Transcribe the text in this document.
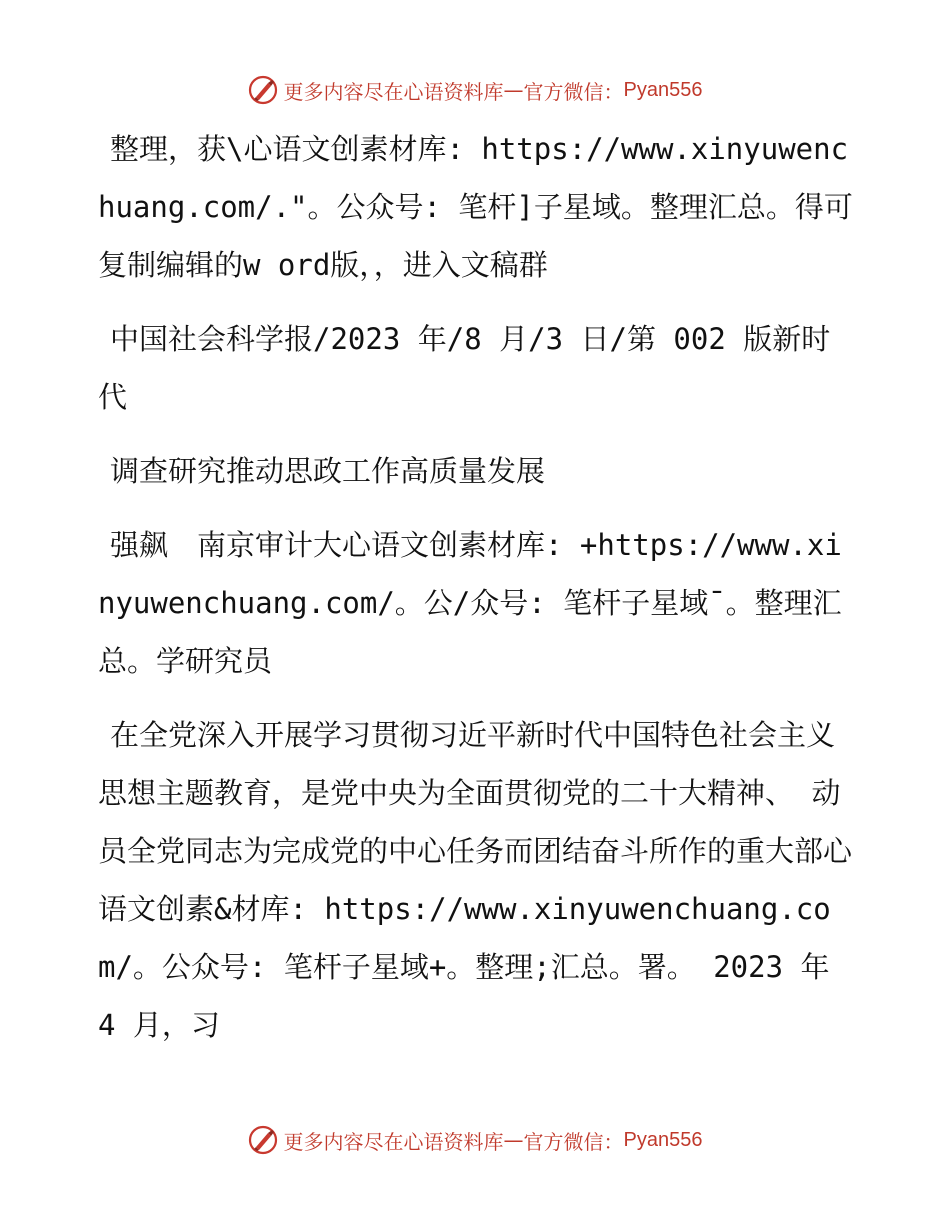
更多内容尽在心语资料库 — 官方微信： Pyan556

整理，获\心语文创素材库: https://www.xinyuwenchuang.com/."。公众号: 笔杆]子星域。整理汇总。得可复制编辑的w ord版，，进入文稿群

中国社会科学报/2023 年/8 月/3 日/第 002 版新时代

调查研究推动思政工作高质量发展

强飙　南京审计大心语文创素材库: +https://www.xinyuwenchuang.com/。公/众号: 笔杆子星域¯。整理汇总。学研究员

在全党深入开展学习贯彻习近平新时代中国特色社会主义思想主题教育，是党中央为全面贯彻党的二十大精神、 动员全党同志为完成党的中心任务而团结奋斗所作的重大部心语文创素&材库: https://www.xinyuwenchuang.com/。公众号: 笔杆子星域+。整理;汇总。署。 2023 年 4 月，习

更多内容尽在心语资料库 — 官方微信： Pyan556
